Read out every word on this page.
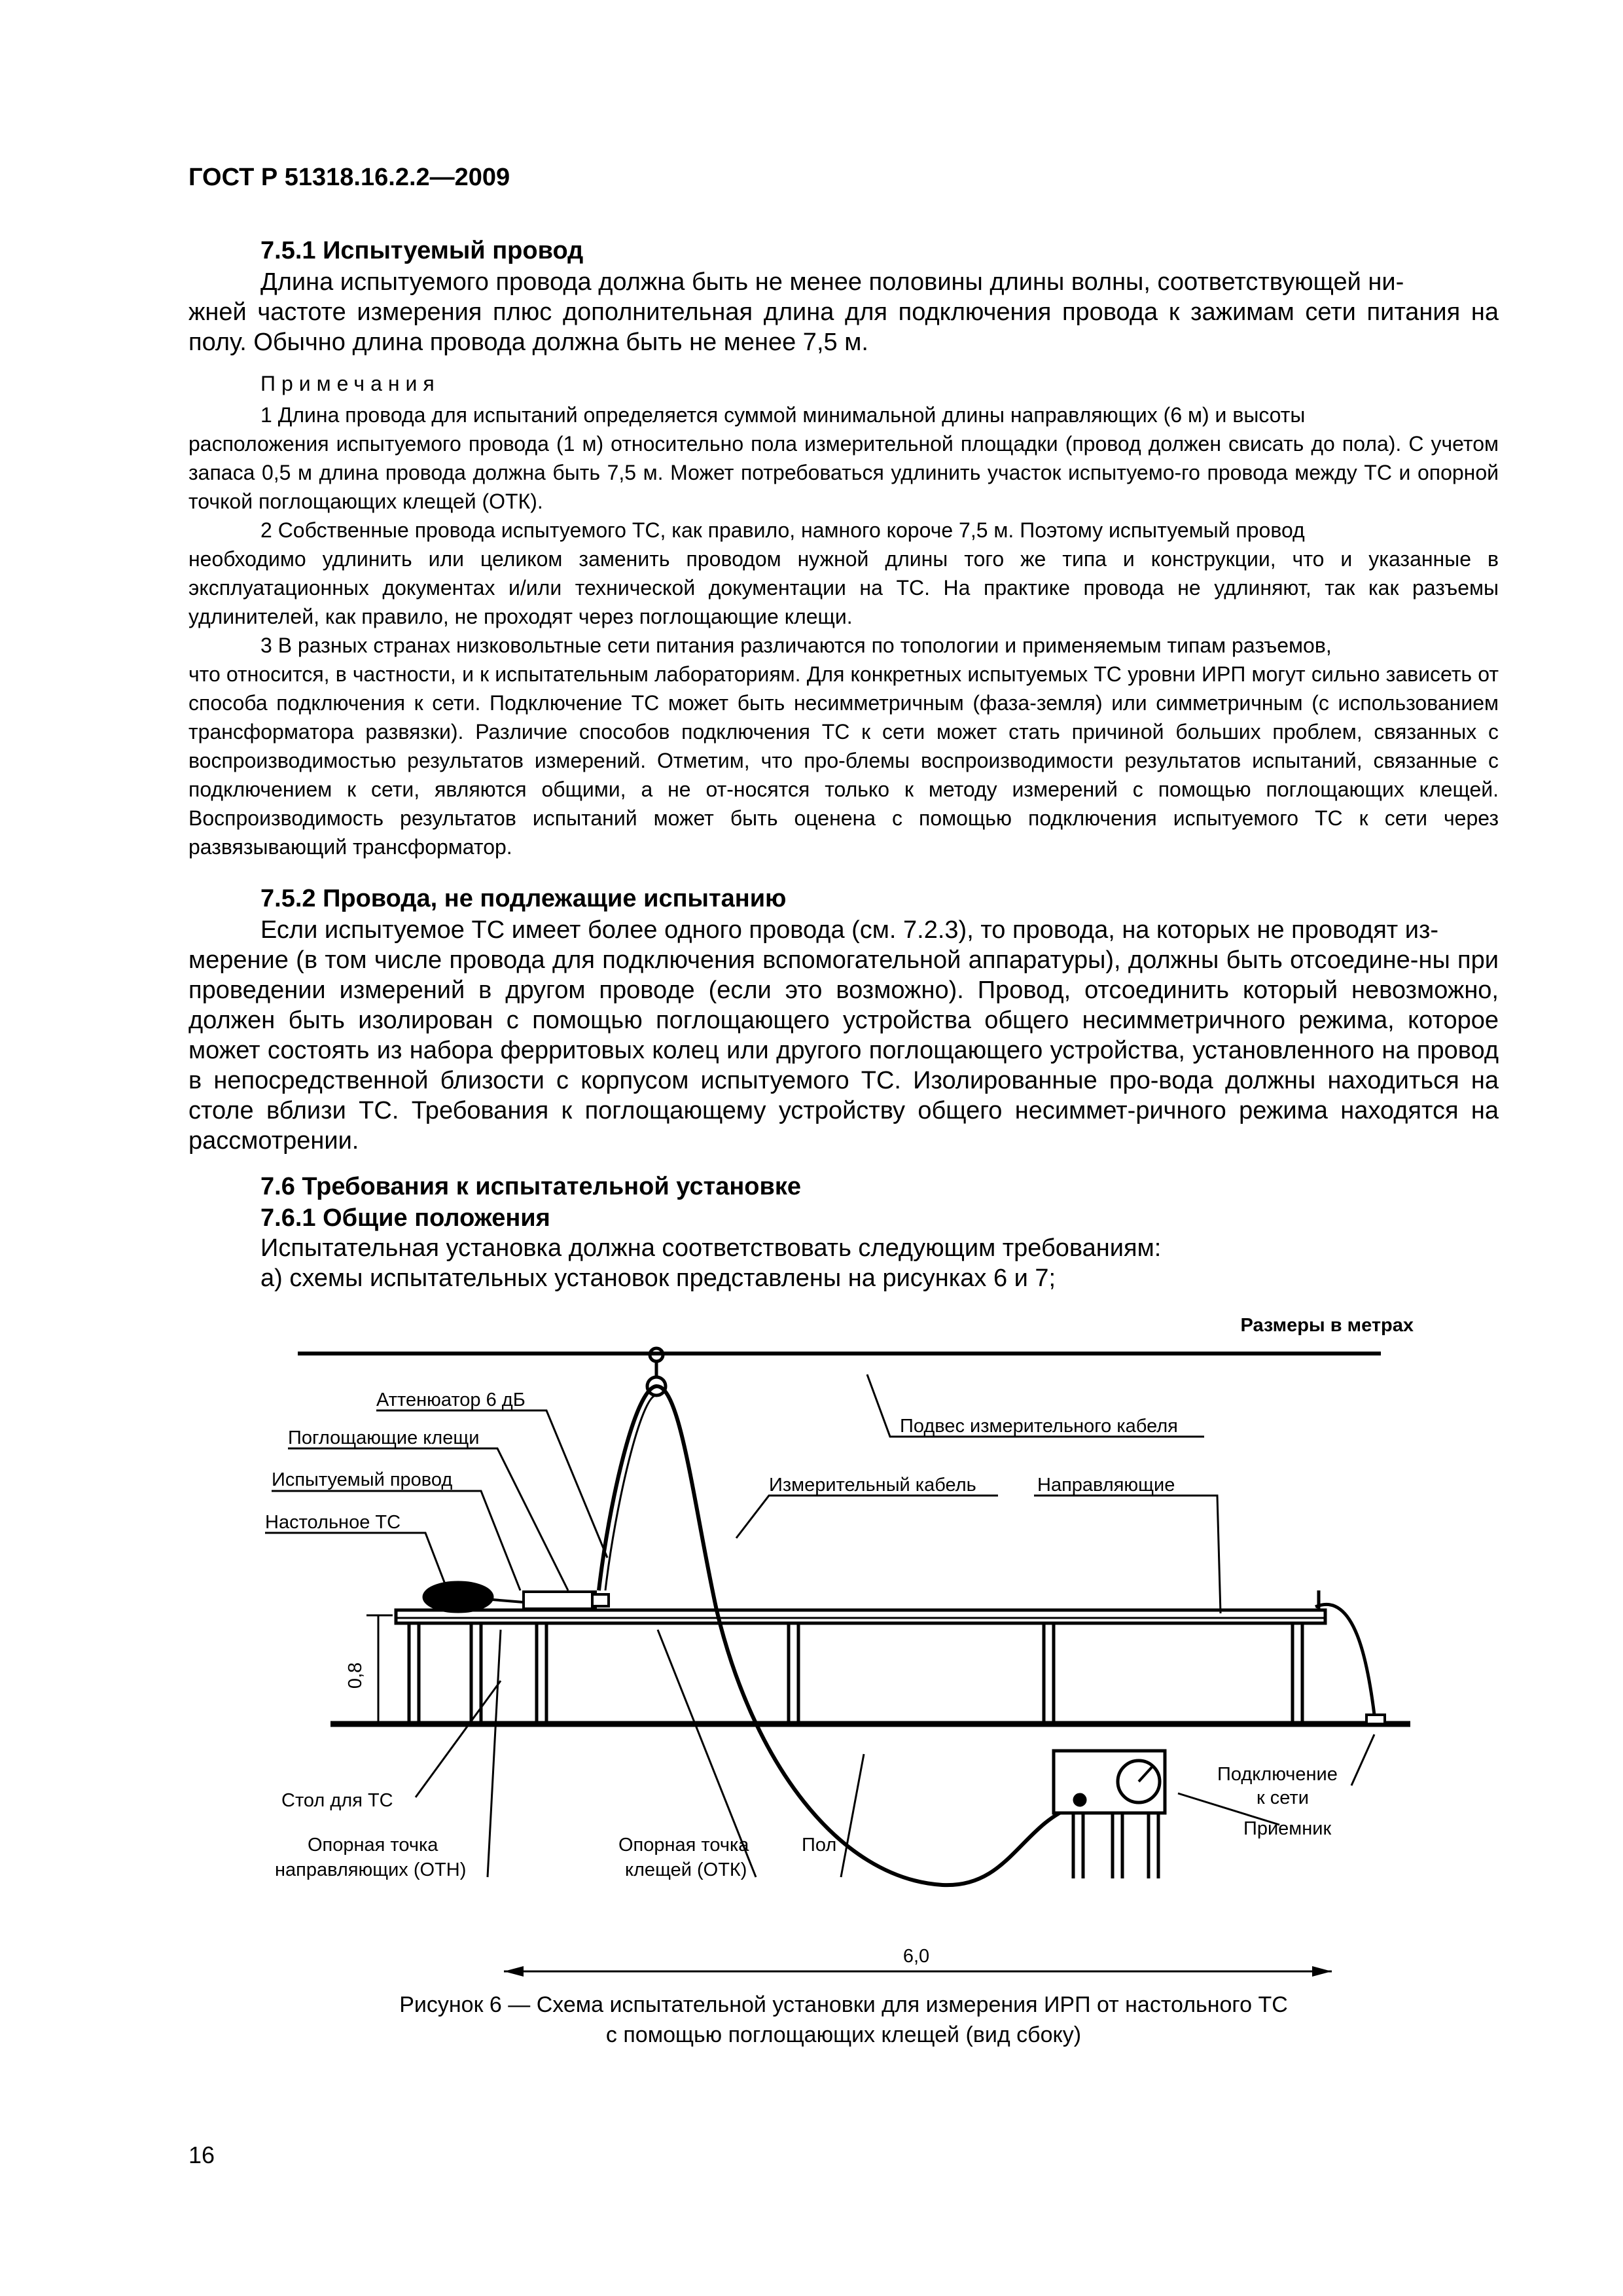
ГОСТ Р 51318.16.2.2—2009
7.5.1 Испытуемый провод

Длина испытуемого провода должна быть не менее половины длины волны, соответствующей ни-

жней частоте измерения плюс дополнительная длина для подключения провода к зажимам сети питания на полу. Обычно длина провода должна быть не менее 7,5 м.

Примечания

1 Длина провода для испытаний определяется суммой минимальной длины направляющих (6 м) и высоты

расположения испытуемого провода (1 м) относительно пола измерительной площадки (провод должен свисать до пола). С учетом запаса 0,5 м длина провода должна быть 7,5 м. Может потребоваться удлинить участок испытуемо-го провода между ТС и опорной точкой поглощающих клещей (ОТК).

2 Собственные провода испытуемого ТС, как правило, намного короче 7,5 м. Поэтому испытуемый провод

необходимо удлинить или целиком заменить проводом нужной длины того же типа и конструкции, что и указанные в эксплуатационных документах и/или технической документации на ТС. На практике провода не удлиняют, так как разъемы удлинителей, как правило, не проходят через поглощающие клещи.

3 В разных странах низковольтные сети питания различаются по топологии и применяемым типам разъемов,

что относится, в частности, и к испытательным лабораториям. Для конкретных испытуемых ТС уровни ИРП могут сильно зависеть от способа подключения к сети. Подключение ТС может быть несимметричным (фаза-земля) или симметричным (с использованием трансформатора развязки). Различие способов подключения ТС к сети может стать причиной больших проблем, связанных с воспроизводимостью результатов измерений. Отметим, что про-блемы воспроизводимости результатов испытаний, связанные с подключением к сети, являются общими, а не от-носятся только к методу измерений с помощью поглощающих клещей. Воспроизводимость результатов испытаний может быть оценена с помощью подключения испытуемого ТС к сети через развязывающий трансформатор.

7.5.2 Провода, не подлежащие испытанию

Если испытуемое ТС имеет более одного провода (см. 7.2.3), то провода, на которых не проводят из-

мерение (в том числе провода для подключения вспомогательной аппаратуры), должны быть отсоедине-ны при проведении измерений в другом проводе (если это возможно). Провод, отсоединить который невозможно, должен быть изолирован с помощью поглощающего устройства общего несимметричного режима, которое может состоять из набора ферритовых колец или другого поглощающего устройства, установленного на провод в непосредственной близости с корпусом испытуемого ТС. Изолированные про-вода должны находиться на столе вблизи ТС. Требования к поглощающему устройству общего несиммет-ричного режима находятся на рассмотрении.

7.6 Требования к испытательной установке
7.6.1 Общие положения
Испытательная установка должна соответствовать следующим требованиям:
а) схемы испытательных установок представлены на рисунках 6 и 7;
Размеры в метрах
Аттенюатор 6 дБ
Поглощающие клещи
Испытуемый провод
Настольное ТС
Измерительный кабель	Направляющие
Подвес измерительного кабеля
0,8
Стол для ТС
Опорная точка
направляющих (ОТН)
Опорная точка
клещей (ОТК)
Пол
Подключение
к сети
Приемник
6,0
Рисунок 6 — Схема испытательной установки для измерения ИРП от настольного ТС
с помощью поглощающих клещей (вид сбоку)
16
